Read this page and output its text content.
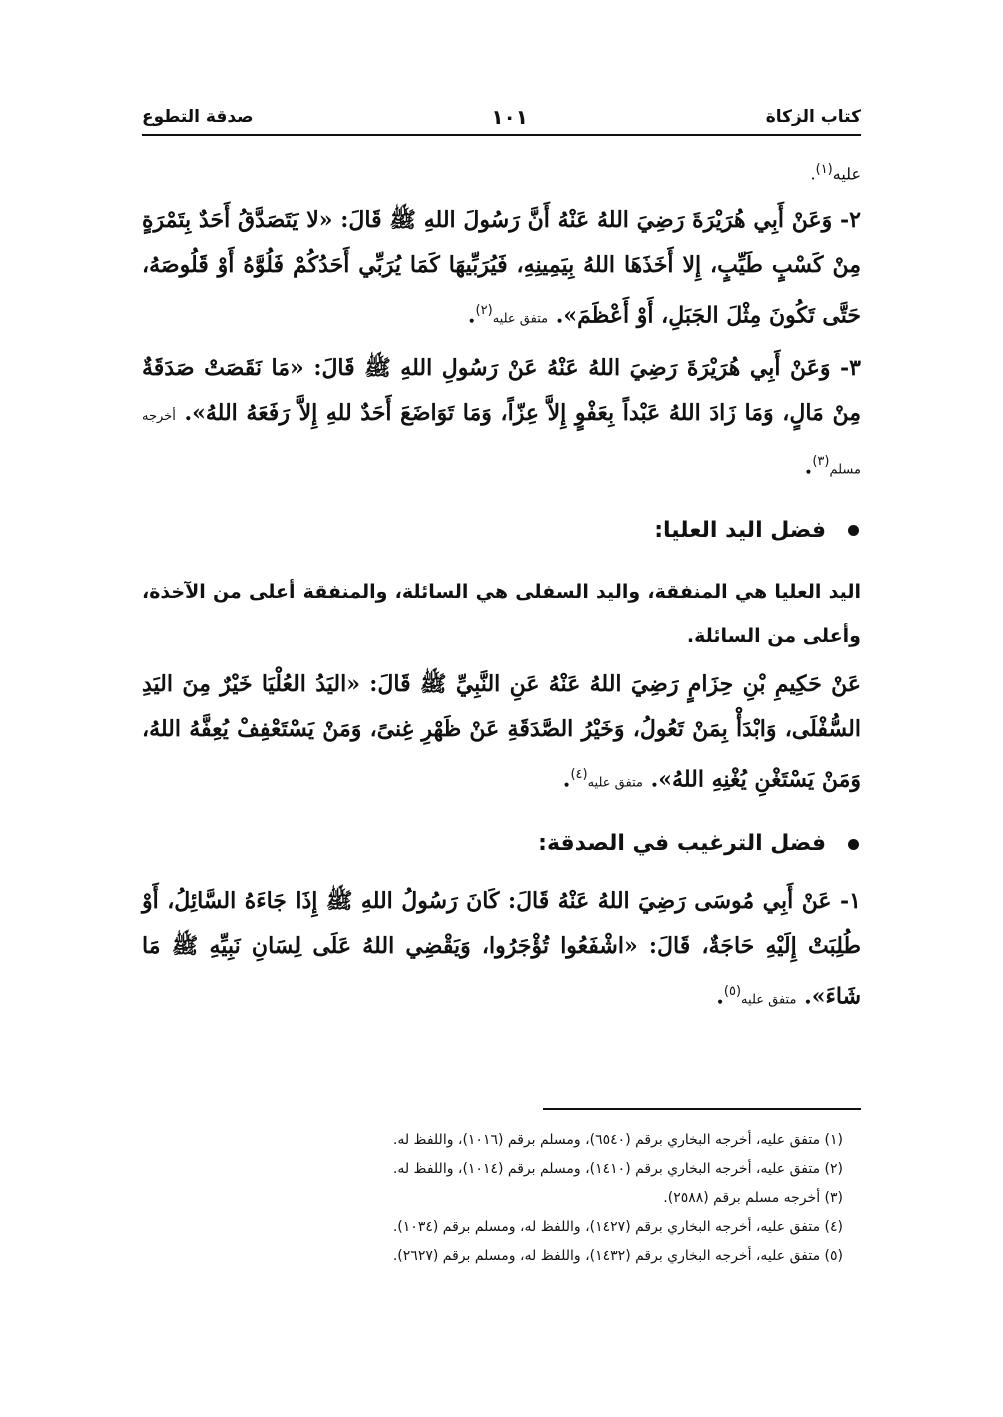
كتاب الزكاة
١٠١
صدقة التطوع

عليه$^{(١)}$.

٢- وَعَنْ أَبِي هُرَيْرَةَ رَضِيَ اللهُ عَنْهُ أَنَّ رَسُولَ اللهِ ﷺ قَالَ: «لا يَتَصَدَّقُ أَحَدٌ بِتَمْرَةٍ مِنْ كَسْبٍ طَيِّبٍ، إِلا أَخَذَهَا اللهُ بِيَمِينِهِ، فَيُرَبِّيهَا كَمَا يُرَبِّي أَحَدُكُمْ فَلُوَّهُ أَوْ قَلُوصَهُ، حَتَّى تَكُونَ مِثْلَ الجَبَلِ، أَوْ أَعْظَمَ». متفق عليه$^{(٢)}$.

٣- وَعَنْ أَبِي هُرَيْرَةَ رَضِيَ اللهُ عَنْهُ عَنْ رَسُولِ اللهِ ﷺ قَالَ: «مَا نَقَصَتْ صَدَقَةٌ مِنْ مَالٍ، وَمَا زَادَ اللهُ عَبْداً بِعَفْوٍ إِلاَّ عِزّاً، وَمَا تَوَاضَعَ أَحَدٌ للهِ إِلاَّ رَفَعَهُ اللهُ». أخرجه مسلم$^{(٣)}$.

فضل اليد العليا:

اليد العليا هي المنفقة، واليد السفلى هي السائلة، والمنفقة أعلى من الآخذة، وأعلى من السائلة.

عَنْ حَكِيمِ بْنِ حِزَامٍ رَضِيَ اللهُ عَنْهُ عَنِ النَّبِيِّ ﷺ قَالَ: «اليَدُ العُلْيَا خَيْرٌ مِنَ اليَدِ السُّفْلَى، وَابْدَأْ بِمَنْ تَعُولُ، وَخَيْرُ الصَّدَقَةِ عَنْ ظَهْرِ غِنىً، وَمَنْ يَسْتَعْفِفْ يُعِفَّهُ اللهُ، وَمَنْ يَسْتَغْنِ يُغْنِهِ اللهُ». متفق عليه$^{(٤)}$.

فضل الترغيب في الصدقة:

١- عَنْ أَبِي مُوسَى رَضِيَ اللهُ عَنْهُ قَالَ: كَانَ رَسُولُ اللهِ ﷺ إِذَا جَاءَهُ السَّائِلُ، أَوْ طُلِبَتْ إِلَيْهِ حَاجَةٌ، قَالَ: «اشْفَعُوا تُؤْجَرُوا، وَيَقْضِي اللهُ عَلَى لِسَانِ نَبِيِّهِ ﷺ مَا شَاءَ». متفق عليه$^{(٥)}$.

(١) متفق عليه، أخرجه البخاري برقم (٦٥٤٠)، ومسلم برقم (١٠١٦)، واللفظ له.
(٢) متفق عليه، أخرجه البخاري برقم (١٤١٠)، ومسلم برقم (١٠١٤)، واللفظ له.
(٣) أخرجه مسلم برقم (٢٥٨٨).
(٤) متفق عليه، أخرجه البخاري برقم (١٤٢٧)، واللفظ له، ومسلم برقم (١٠٣٤).
(٥) متفق عليه، أخرجه البخاري برقم (١٤٣٢)، واللفظ له، ومسلم برقم (٢٦٢٧).
